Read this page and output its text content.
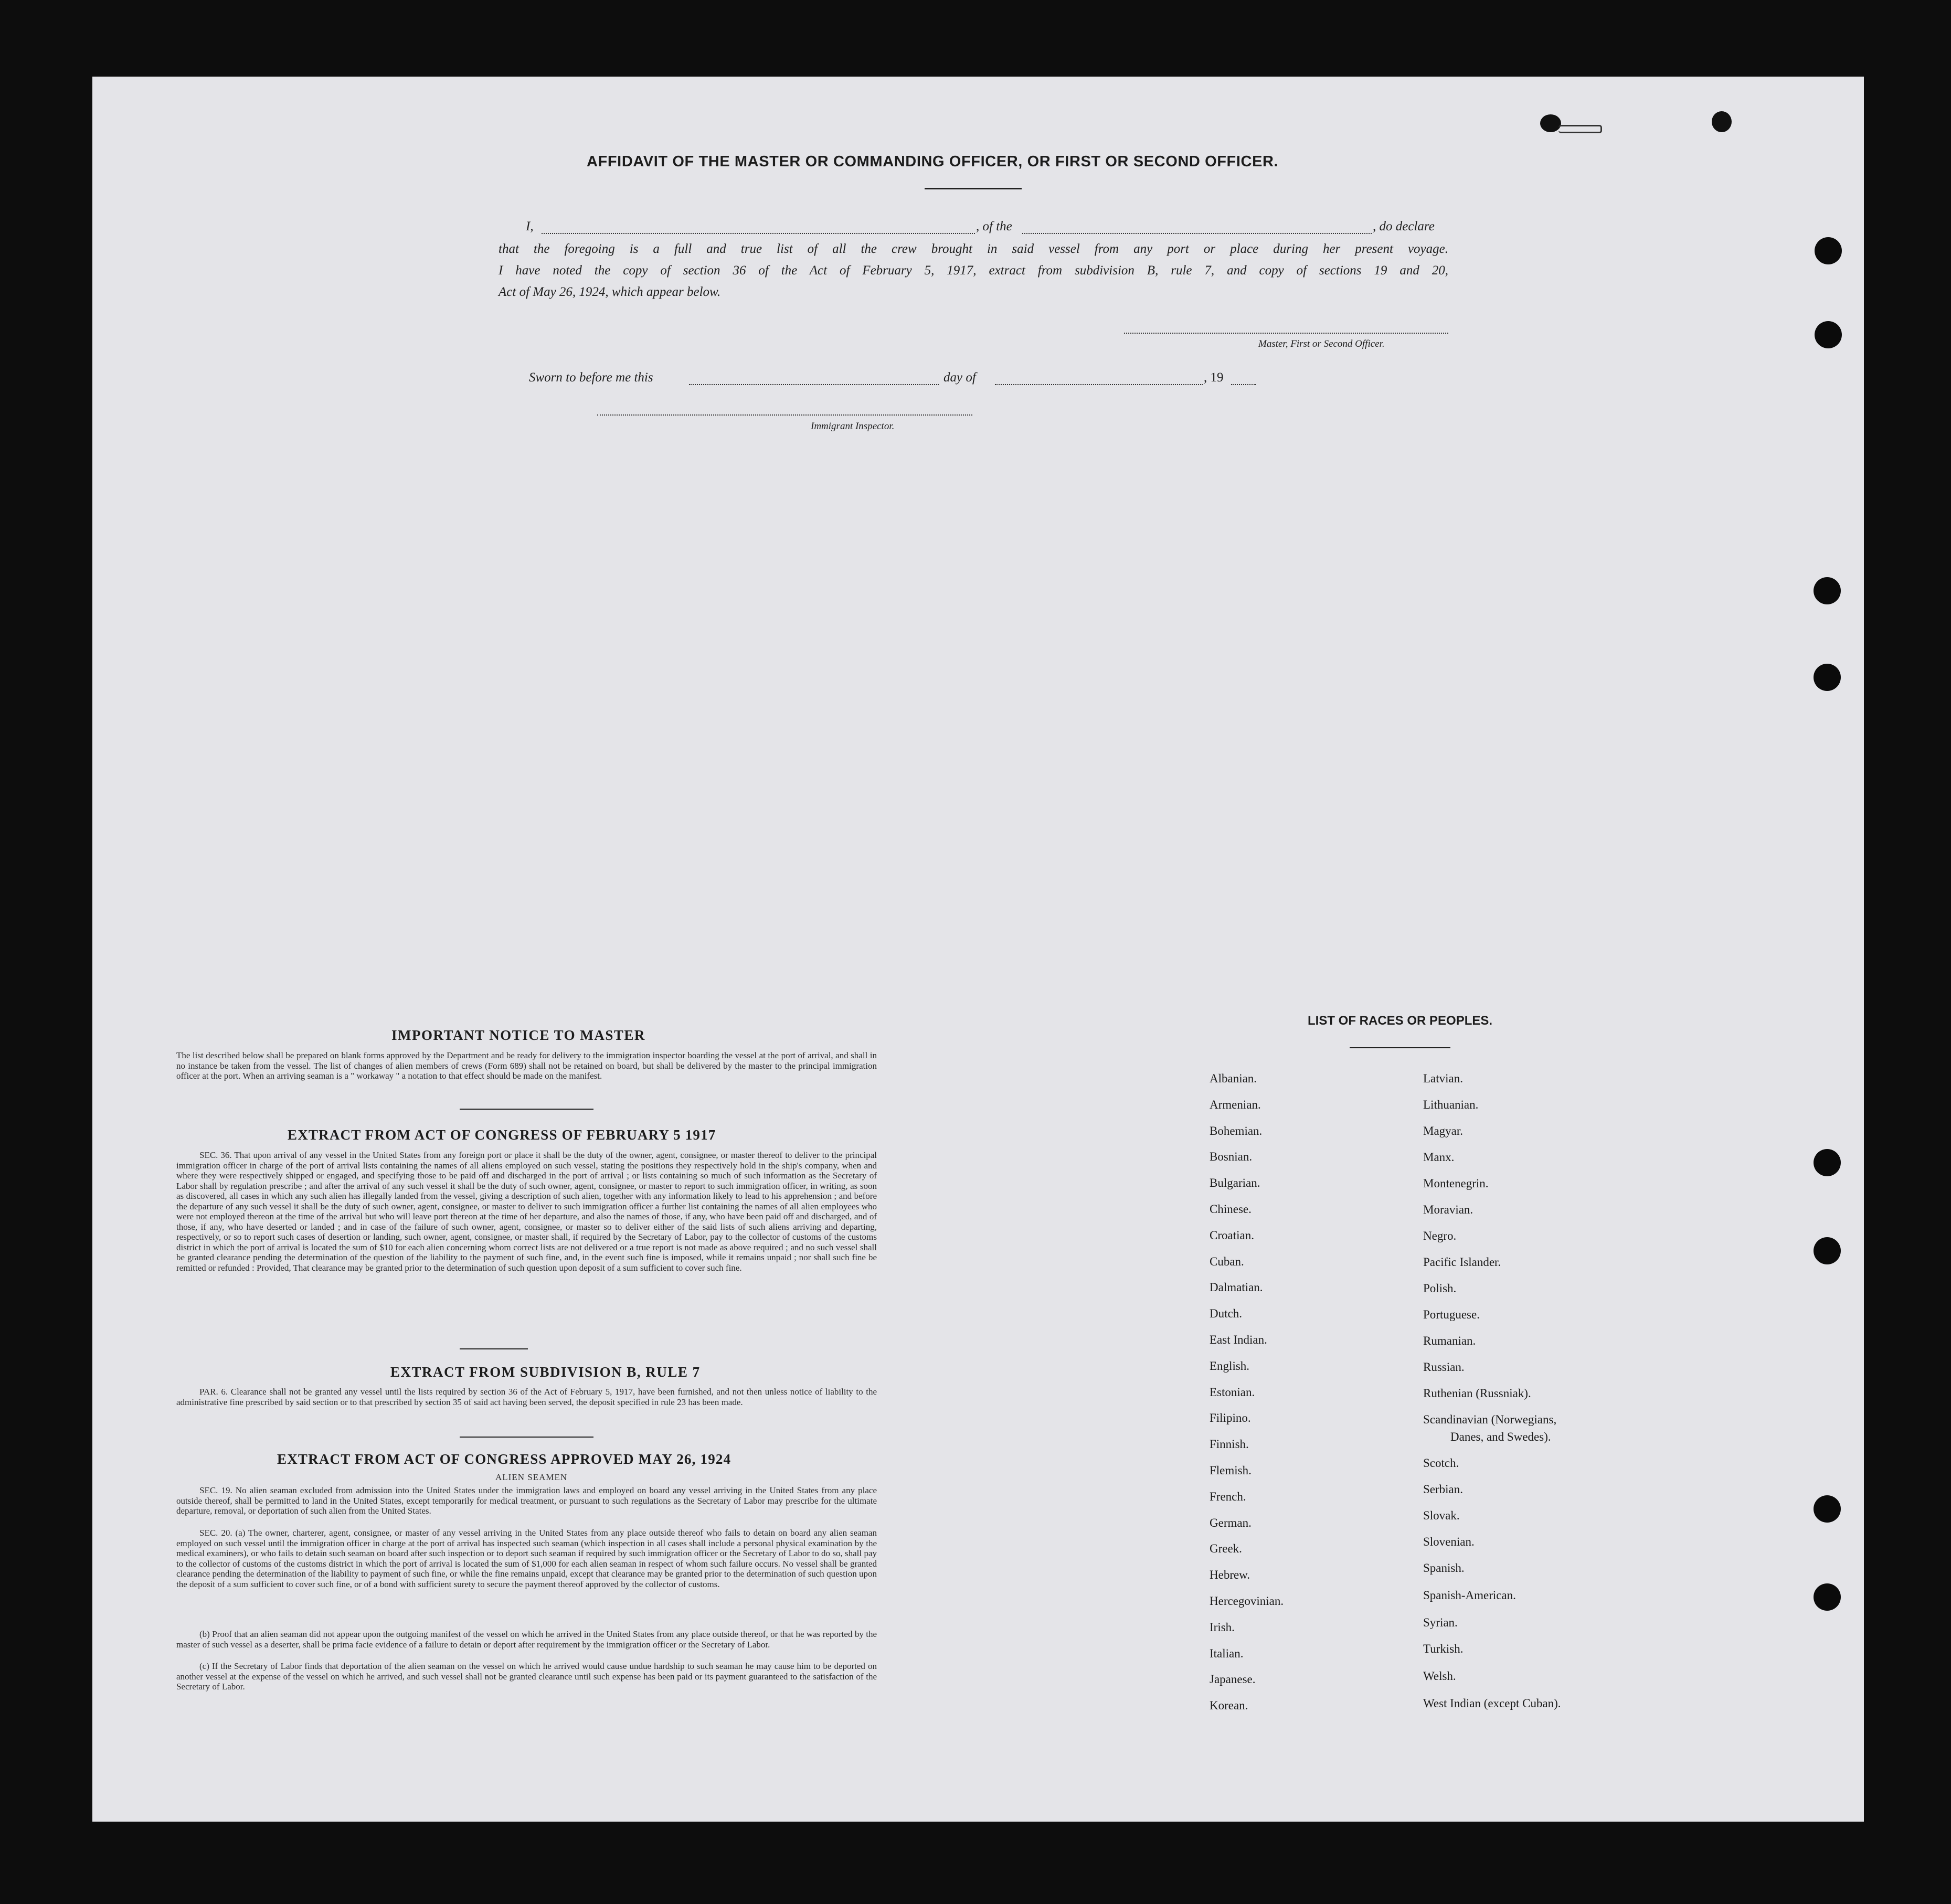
AFFIDAVIT OF THE MASTER OR COMMANDING OFFICER, OR FIRST OR SECOND OFFICER.
I,	, of the	, do declare
that the foregoing is a full and true list of all the crew brought in said vessel from any port or place during her present voyage.
I have noted the copy of section 36 of the Act of February 5, 1917, extract from subdivision B, rule 7, and copy of sections 19 and 20,
Act of May 26, 1924, which appear below.
Master, First or Second Officer.
Sworn to before me this	day of	, 19
Immigrant Inspector.
IMPORTANT NOTICE TO MASTER
The list described below shall be prepared on blank forms approved by the Department and be ready for delivery to the immigration inspector boarding the vessel at the port of arrival, and shall in no instance be taken from the vessel. The list of changes of alien members of crews (Form 689) shall not be retained on board, but shall be delivered by the master to the principal immigration officer at the port. When an arriving seaman is a " workaway " a notation to that effect should be made on the manifest.
EXTRACT FROM ACT OF CONGRESS OF FEBRUARY 5 1917
SEC. 36. That upon arrival of any vessel in the United States from any foreign port or place it shall be the duty of the owner, agent, consignee, or master thereof to deliver to the principal immigration officer in charge of the port of arrival lists containing the names of all aliens employed on such vessel, stating the positions they respectively hold in the ship's company, when and where they were respectively shipped or engaged, and specifying those to be paid off and discharged in the port of arrival ; or lists containing so much of such information as the Secretary of Labor shall by regulation prescribe ; and after the arrival of any such vessel it shall be the duty of such owner, agent, consignee, or master to report to such immigration officer, in writing, as soon as discovered, all cases in which any such alien has illegally landed from the vessel, giving a description of such alien, together with any information likely to lead to his apprehension ; and before the departure of any such vessel it shall be the duty of such owner, agent, consignee, or master to deliver to such immigration officer a further list containing the names of all alien employees who were not employed thereon at the time of the arrival but who will leave port thereon at the time of her departure, and also the names of those, if any, who have been paid off and discharged, and of those, if any, who have deserted or landed ; and in case of the failure of such owner, agent, consignee, or master so to deliver either of the said lists of such aliens arriving and departing, respectively, or so to report such cases of desertion or landing, such owner, agent, consignee, or master shall, if required by the Secretary of Labor, pay to the collector of customs of the customs district in which the port of arrival is located the sum of $10 for each alien concerning whom correct lists are not delivered or a true report is not made as above required ; and no such vessel shall be granted clearance pending the determination of the question of the liability to the payment of such fine, and, in the event such fine is imposed, while it remains unpaid ; nor shall such fine be remitted or refunded : Provided, That clearance may be granted prior to the determination of such question upon deposit of a sum sufficient to cover such fine.
EXTRACT FROM SUBDIVISION B, RULE 7
PAR. 6. Clearance shall not be granted any vessel until the lists required by section 36 of the Act of February 5, 1917, have been furnished, and not then unless notice of liability to the administrative fine prescribed by said section or to that prescribed by section 35 of said act having been served, the deposit specified in rule 23 has been made.
EXTRACT FROM ACT OF CONGRESS APPROVED MAY 26, 1924
ALIEN SEAMEN
SEC. 19. No alien seaman excluded from admission into the United States under the immigration laws and employed on board any vessel arriving in the United States from any place outside thereof, shall be permitted to land in the United States, except temporarily for medical treatment, or pursuant to such regulations as the Secretary of Labor may prescribe for the ultimate departure, removal, or deportation of such alien from the United States.
SEC. 20. (a) The owner, charterer, agent, consignee, or master of any vessel arriving in the United States from any place outside thereof who fails to detain on board any alien seaman employed on such vessel until the immigration officer in charge at the port of arrival has inspected such seaman (which inspection in all cases shall include a personal physical examination by the medical examiners), or who fails to detain such seaman on board after such inspection or to deport such seaman if required by such immigration officer or the Secretary of Labor to do so, shall pay to the collector of customs of the customs district in which the port of arrival is located the sum of $1,000 for each alien seaman in respect of whom such failure occurs. No vessel shall be granted clearance pending the determination of the liability to payment of such fine, or while the fine remains unpaid, except that clearance may be granted prior to the determination of such question upon the deposit of a sum sufficient to cover such fine, or of a bond with sufficient surety to secure the payment thereof approved by the collector of customs.
(b) Proof that an alien seaman did not appear upon the outgoing manifest of the vessel on which he arrived in the United States from any place outside thereof, or that he was reported by the master of such vessel as a deserter, shall be prima facie evidence of a failure to detain or deport after requirement by the immigration officer or the Secretary of Labor.
(c) If the Secretary of Labor finds that deportation of the alien seaman on the vessel on which he arrived would cause undue hardship to such seaman he may cause him to be deported on another vessel at the expense of the vessel on which he arrived, and such vessel shall not be granted clearance until such expense has been paid or its payment guaranteed to the satisfaction of the Secretary of Labor.
LIST OF RACES OR PEOPLES.
Albanian.
Armenian.
Bohemian.
Bosnian.
Bulgarian.
Chinese.
Croatian.
Cuban.
Dalmatian.
Dutch.
East Indian.
English.
Estonian.
Filipino.
Finnish.
Flemish.
French.
German.
Greek.
Hebrew.
Hercegovinian.
Irish.
Italian.
Japanese.
Korean.
Latvian.
Lithuanian.
Magyar.
Manx.
Montenegrin.
Moravian.
Negro.
Pacific Islander.
Polish.
Portuguese.
Rumanian.
Russian.
Ruthenian (Russniak).
Scandinavian (Norwegians,
Danes, and Swedes).
Scotch.
Serbian.
Slovak.
Slovenian.
Spanish.
Spanish-American.
Syrian.
Turkish.
Welsh.
West Indian (except Cuban).
